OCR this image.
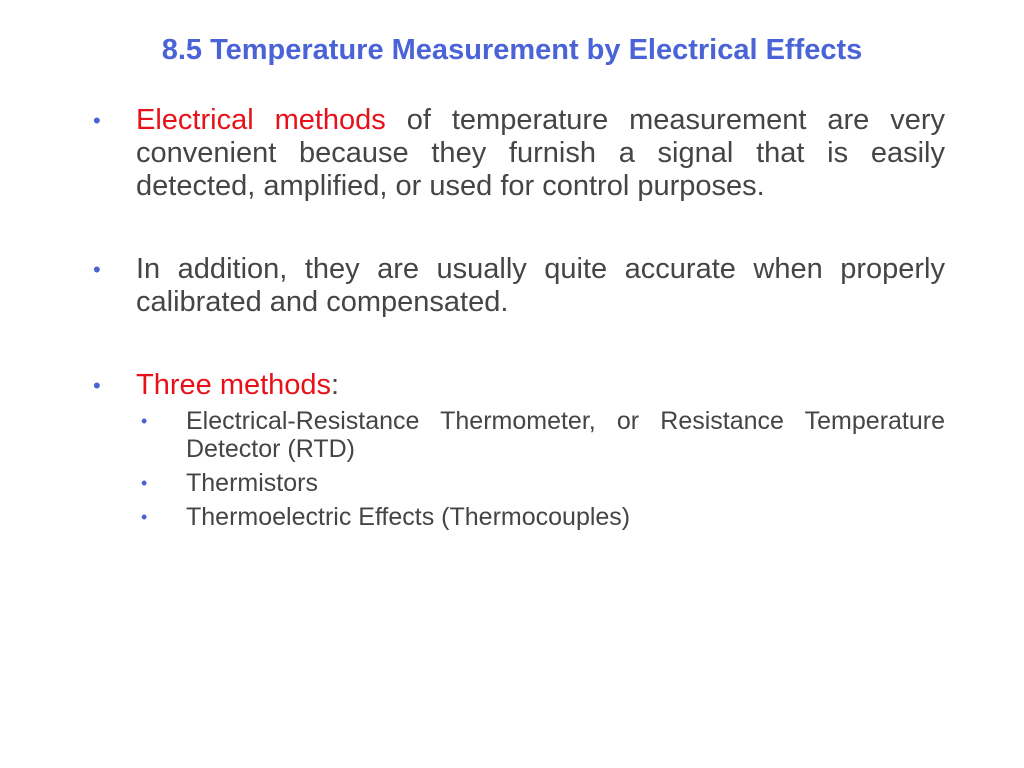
8.5 Temperature Measurement by Electrical Effects
•	Electrical methods of temperature measurement are very convenient because they furnish a signal that is easily detected, amplified, or used for control purposes.
•	In addition, they are usually quite accurate when properly calibrated and compensated.
•	Three methods:
•	Electrical-Resistance Thermometer, or Resistance Temperature Detector (RTD)
•	Thermistors
•	Thermoelectric Effects (Thermocouples)
